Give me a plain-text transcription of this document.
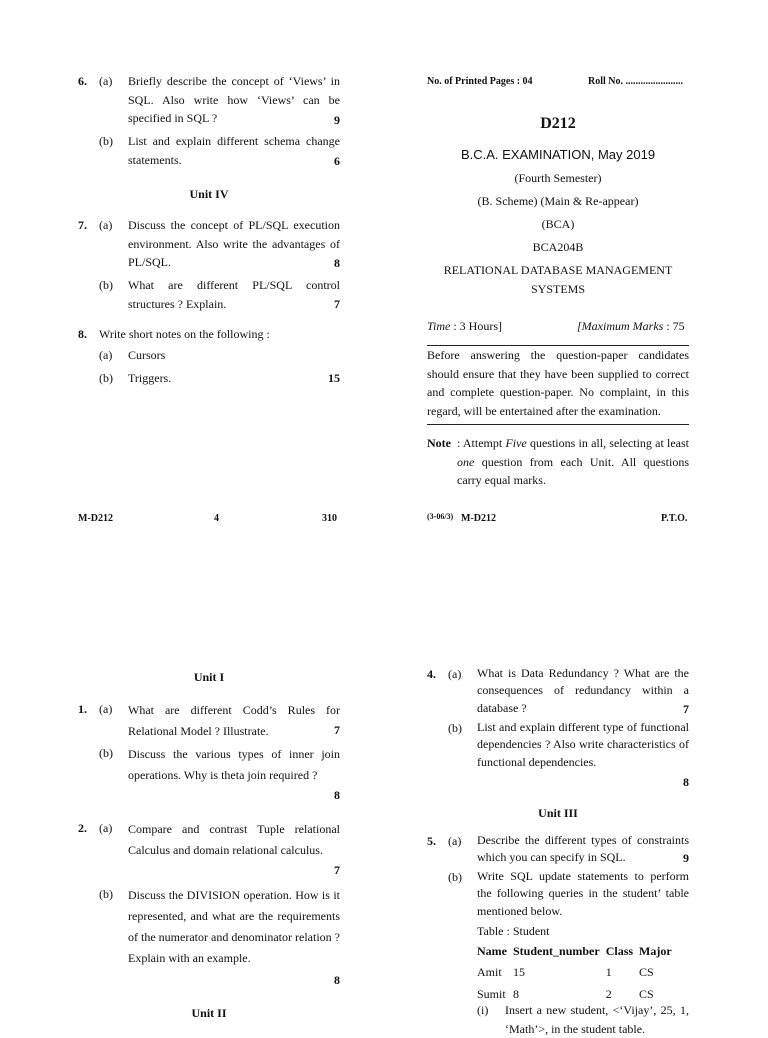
6. (a) Briefly describe the concept of ‘Views’ in SQL. Also write how ‘Views’ can be specified in SQL ?	9
(b) List and explain different schema change statements.	6
Unit IV
7. (a) Discuss the concept of PL/SQL execution environment. Also write the advantages of PL/SQL.	8
(b) What are different PL/SQL control structures ? Explain.	7
8. Write short notes on the following :
(a) Cursors
(b) Triggers.	15
M-D212	4	310
No. of Printed Pages : 04	Roll No. .......................
D212
B.C.A. EXAMINATION, May 2019
(Fourth Semester)
(B. Scheme) (Main & Re-appear)
(BCA)
BCA204B
RELATIONAL DATABASE MANAGEMENT SYSTEMS
Time : 3 Hours]	[Maximum Marks : 75
Before answering the question-paper candidates should ensure that they have been supplied to correct and complete question-paper. No complaint, in this regard, will be entertained after the examination.
Note : Attempt Five questions in all, selecting at least one question from each Unit. All questions carry equal marks.
(3-06/3) M-D212	P.T.O.
Unit I
1. (a) What are different Codd’s Rules for Relational Model ? Illustrate.	7
(b) Discuss the various types of inner join operations. Why is theta join required ?
8
2. (a) Compare and contrast Tuple relational Calculus and domain relational calculus.
7
(b) Discuss the DIVISION operation. How is it represented, and what are the requirements of the numerator and denominator relation ? Explain with an example.
8
Unit II
4. (a) What is Data Redundancy ? What are the consequences of redundancy within a database ?	7
(b) List and explain different type of functional dependencies ? Also write characteristics of functional dependencies.
8
Unit III
5. (a) Describe the different types of constraints which you can specify in SQL.	9
(b) Write SQL update statements to perform the following queries in the student’ table mentioned below.
Table : Student
Name	Student_number	Class	Major
Amit	15	1	CS
Sumit	8	2	CS
(i) Insert a new student, <‘Vijay’, 25, 1, ‘Math’>, in the student table.
